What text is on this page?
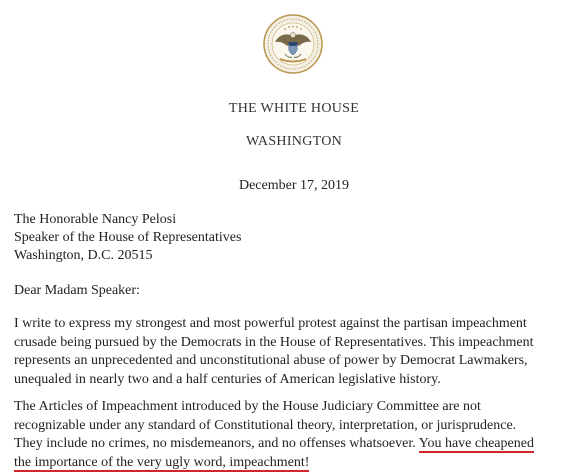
THE WHITE HOUSE
WASHINGTON
December 17, 2019
The Honorable Nancy Pelosi
Speaker of the House of Representatives
Washington, D.C. 20515
Dear Madam Speaker:
I write to express my strongest and most powerful protest against the partisan impeachment
crusade being pursued by the Democrats in the House of Representatives. This impeachment
represents an unprecedented and unconstitutional abuse of power by Democrat Lawmakers,
unequaled in nearly two and a half centuries of American legislative history.
The Articles of Impeachment introduced by the House Judiciary Committee are not
recognizable under any standard of Constitutional theory, interpretation, or jurisprudence.
They include no crimes, no misdemeanors, and no offenses whatsoever. You have cheapened
the importance of the very ugly word, impeachment!
